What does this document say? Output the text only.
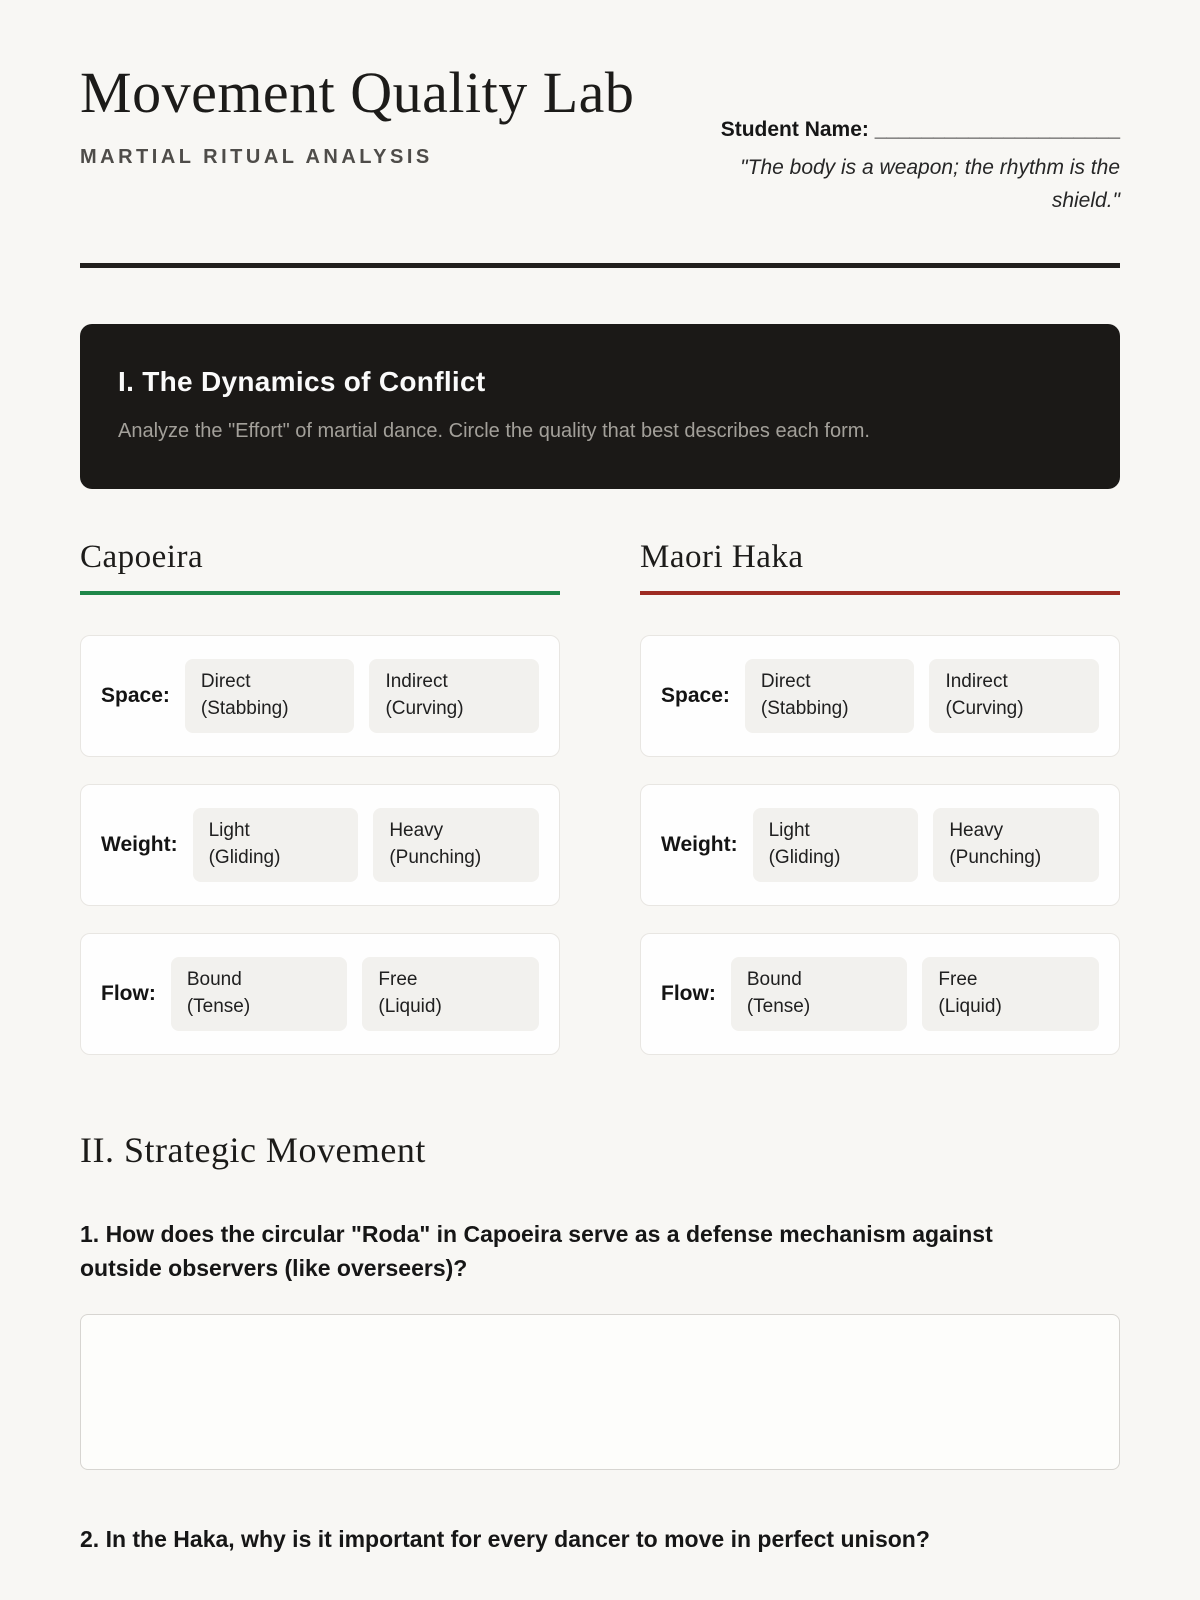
Movement Quality Lab
MARTIAL RITUAL ANALYSIS
Student Name: _____________________
"The body is a weapon; the rhythm is the shield."
I. The Dynamics of Conflict

Analyze the "Effort" of martial dance. Circle the quality that best describes each form.

Capoeira
Space:
Direct
(Stabbing)
Indirect
(Curving)
Weight:
Light
(Gliding)
Heavy
(Punching)
Flow:
Bound
(Tense)
Free
(Liquid)
Maori Haka
Space:
Direct
(Stabbing)
Indirect
(Curving)
Weight:
Light
(Gliding)
Heavy
(Punching)
Flow:
Bound
(Tense)
Free
(Liquid)
II. Strategic Movement

1. How does the circular "Roda" in Capoeira serve as a defense mechanism against outside observers (like overseers)?

2. In the Haka, why is it important for every dancer to move in perfect unison?
